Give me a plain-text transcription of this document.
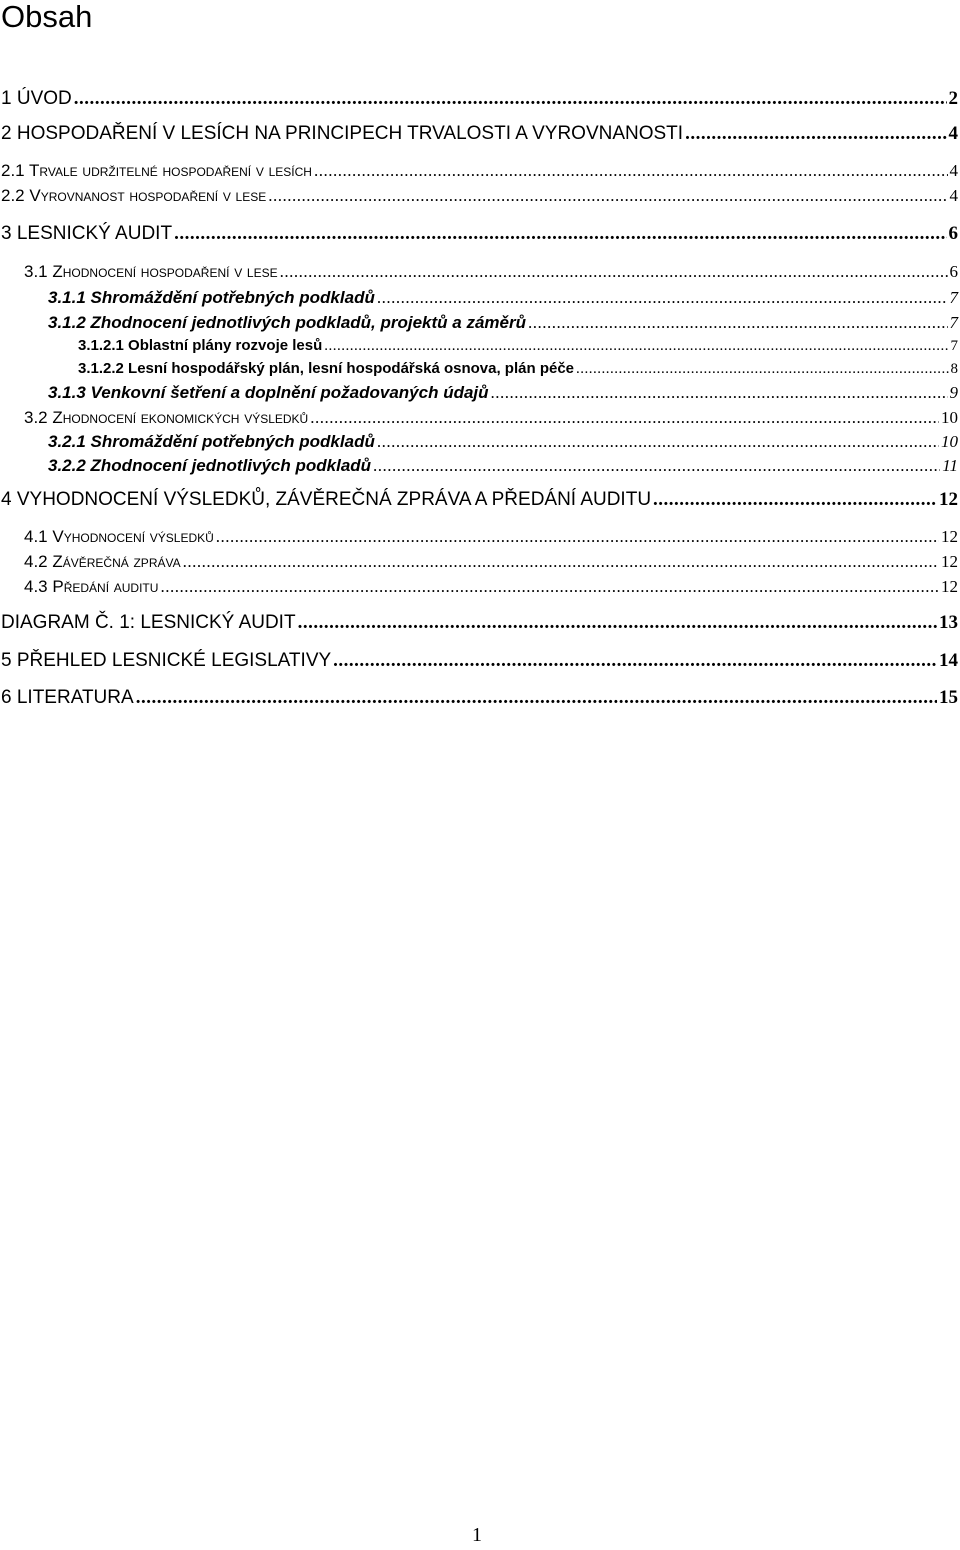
Obsah
1 ÚVOD .....	2
2 HOSPODAŘENÍ V LESÍCH NA PRINCIPECH TRVALOSTI A VYROVNANOSTI .....	4
2.1 Trvale udržitelné hospodaření v lesích .....	4
2.2 Vyrovnanost hospodaření v lese .....	4
3 LESNICKÝ AUDIT .....	6
3.1 Zhodnocení hospodaření v lese .....	6
3.1.1 Shromáždění potřebných podkladů .....	7
3.1.2 Zhodnocení jednotlivých podkladů, projektů a záměrů .....	7
3.1.2.1 Oblastní plány rozvoje lesů .....	7
3.1.2.2 Lesní hospodářský plán, lesní hospodářská osnova, plán péče .....	8
3.1.3 Venkovní šetření a doplnění požadovaných údajů .....	9
3.2 Zhodnocení ekonomických výsledků .....	10
3.2.1 Shromáždění potřebných podkladů .....	10
3.2.2 Zhodnocení jednotlivých podkladů .....	11
4 VYHODNOCENÍ VÝSLEDKŮ, ZÁVĚREČNÁ ZPRÁVA A PŘEDÁNÍ AUDITU .....	12
4.1 Vyhodnocení výsledků .....	12
4.2 Závěrečná zpráva .....	12
4.3 Předání auditu .....	12
DIAGRAM Č. 1: LESNICKÝ AUDIT .....	13
5 PŘEHLED LESNICKÉ LEGISLATIVY .....	14
6 LITERATURA .....	15
1
